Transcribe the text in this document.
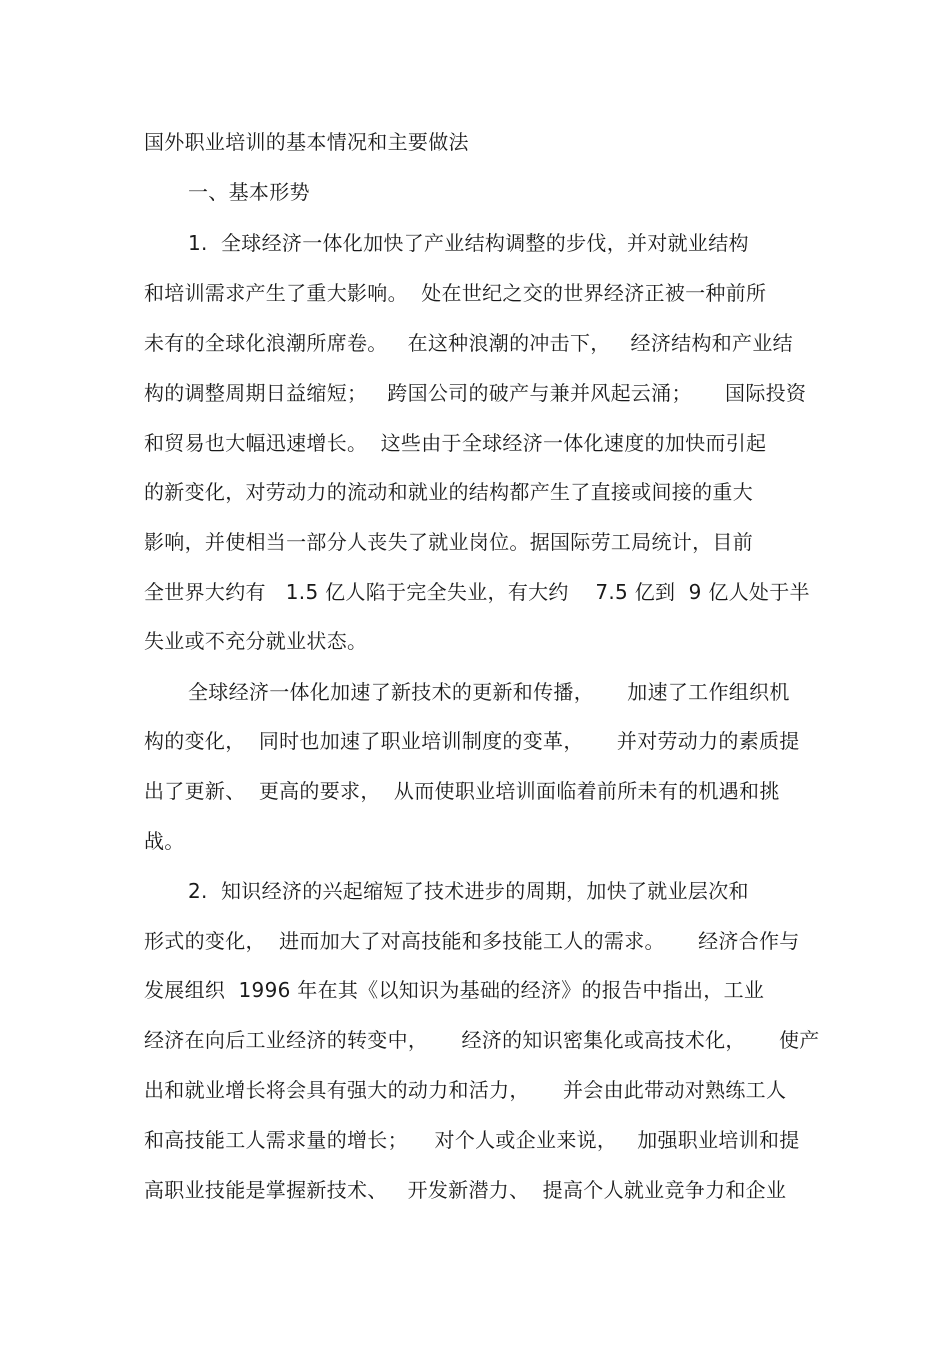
国外职业培训的基本情况和主要做法
一、基本形势
1.  全球经济一体化加快了产业结构调整的步伐，并对就业结构
和培训需求产生了重大影响。  处在世纪之交的世界经济正被一种前所
未有的全球化浪潮所席卷。   在这种浪潮的冲击下，   经济结构和产业结
构的调整周期日益缩短；   跨国公司的破产与兼并风起云涌；     国际投资
和贸易也大幅迅速增长。  这些由于全球经济一体化速度的加快而引起
的新变化，对劳动力的流动和就业的结构都产生了直接或间接的重大
影响，并使相当一部分人丧失了就业岗位。据国际劳工局统计，目前
全世界大约有   1.5 亿人陷于完全失业，有大约    7.5 亿到  9 亿人处于半
失业或不充分就业状态。
全球经济一体化加速了新技术的更新和传播，     加速了工作组织机
构的变化，  同时也加速了职业培训制度的变革，     并对劳动力的素质提
出了更新、  更高的要求，  从而使职业培训面临着前所未有的机遇和挑
战。
2.  知识经济的兴起缩短了技术进步的周期，加快了就业层次和
形式的变化，  进而加大了对高技能和多技能工人的需求。     经济合作与
发展组织  1996 年在其《以知识为基础的经济》的报告中指出，工业
经济在向后工业经济的转变中，     经济的知识密集化或高技术化，     使产
出和就业增长将会具有强大的动力和活力，     并会由此带动对熟练工人
和高技能工人需求量的增长；    对个人或企业来说，   加强职业培训和提
高职业技能是掌握新技术、   开发新潜力、  提高个人就业竞争力和企业
